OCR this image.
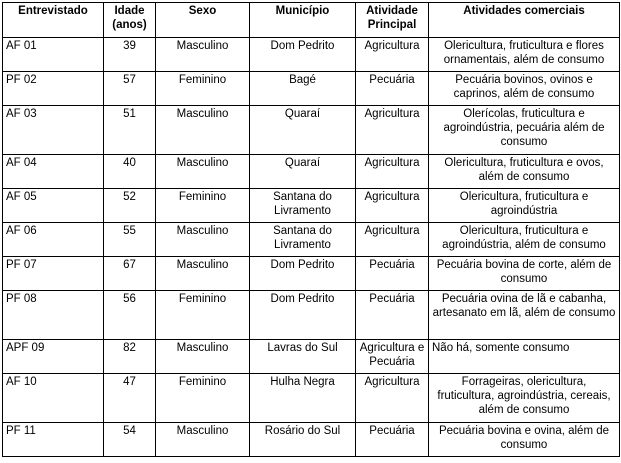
Entrevistado	Idade (anos)	Sexo	Município	Atividade Principal	Atividades comerciais
AF 01	39	Masculino	Dom Pedrito	Agricultura	Olericultura, fruticultura e flores ornamentais, além de consumo
PF 02	57	Feminino	Bagé	Pecuária	Pecuária bovinos, ovinos e caprinos, além de consumo
AF 03	51	Masculino	Quaraí	Agricultura	Olerícolas, fruticultura e agroindústria, pecuária além de consumo
AF 04	40	Masculino	Quaraí	Agricultura	Olericultura, fruticultura e ovos, além de consumo
AF 05	52	Feminino	Santana do Livramento	Agricultura	Olericultura, fruticultura e agroindústria
AF 06	55	Masculino	Santana do Livramento	Agricultura	Olericultura, fruticultura e agroindústria, além de consumo
PF 07	67	Masculino	Dom Pedrito	Pecuária	Pecuária bovina de corte, além de consumo
PF 08	56	Feminino	Dom Pedrito	Pecuária	Pecuária ovina de lã e cabanha, artesanato em lã, além de consumo
APF 09	82	Masculino	Lavras do Sul	Agricultura e Pecuária	Não há, somente consumo
AF 10	47	Feminino	Hulha Negra	Agricultura	Forrageiras, olericultura, fruticultura, agroindústria, cereais, além de consumo
PF 11	54	Masculino	Rosário do Sul	Pecuária	Pecuária bovina e ovina, além de consumo
